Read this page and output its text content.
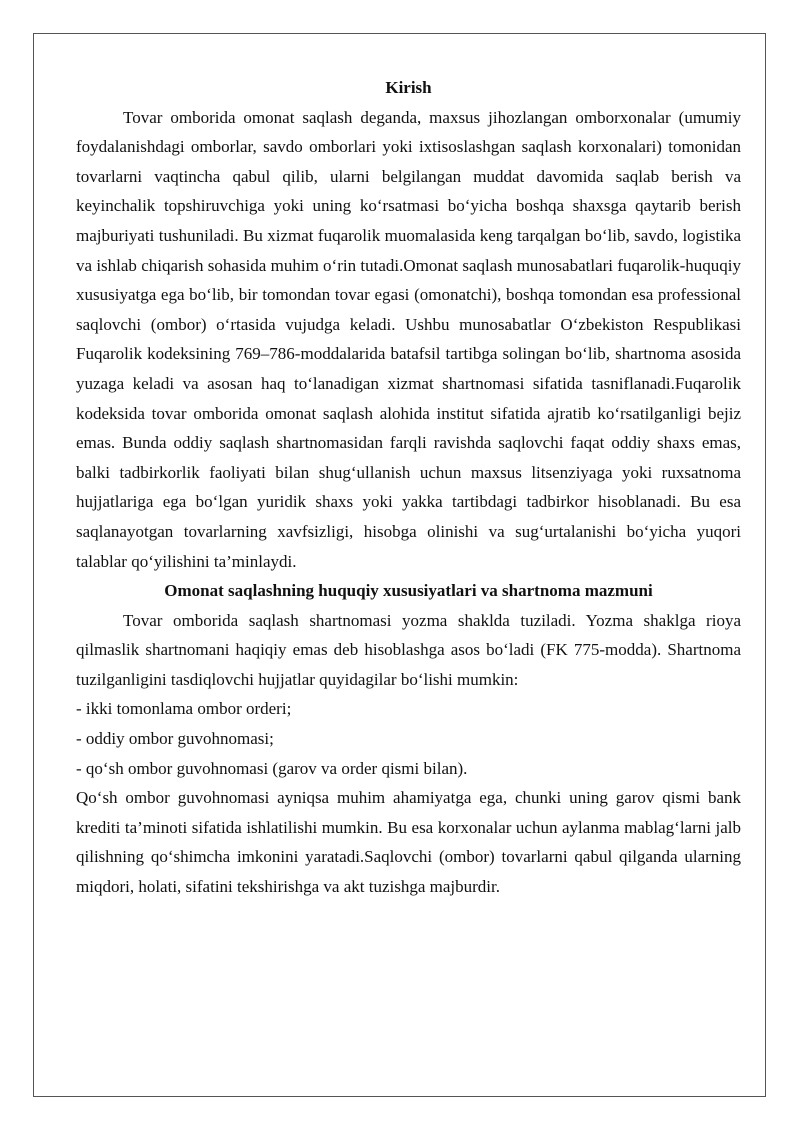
Kirish

Tovar omborida omonat saqlash deganda, maxsus jihozlangan omborxonalar (umumiy foydalanishdagi omborlar, savdo omborlari yoki ixtisoslashgan saqlash korxonalari) tomonidan tovarlarni vaqtincha qabul qilib, ularni belgilangan muddat davomida saqlab berish va keyinchalik topshiruvchiga yoki uning ko‘rsatmasi bo‘yicha boshqa shaxsga qaytarib berish majburiyati tushuniladi. Bu xizmat fuqarolik muomalasida keng tarqalgan bo‘lib, savdo, logistika va ishlab chiqarish sohasida muhim o‘rin tutadi.Omonat saqlash munosabatlari fuqarolik-huquqiy xususiyatga ega bo‘lib, bir tomondan tovar egasi (omonatchi), boshqa tomondan esa professional saqlovchi (ombor) o‘rtasida vujudga keladi. Ushbu munosabatlar O‘zbekiston Respublikasi Fuqarolik kodeksining 769–786-moddalarida batafsil tartibga solingan bo‘lib, shartnoma asosida yuzaga keladi va asosan haq to‘lanadigan xizmat shartnomasi sifatida tasniflanadi.Fuqarolik kodeksida tovar omborida omonat saqlash alohida institut sifatida ajratib ko‘rsatilganligi bejiz emas. Bunda oddiy saqlash shartnomasidan farqli ravishda saqlovchi faqat oddiy shaxs emas, balki tadbirkorlik faoliyati bilan shug‘ullanish uchun maxsus litsenziyaga yoki ruxsatnoma hujjatlariga ega bo‘lgan yuridik shaxs yoki yakka tartibdagi tadbirkor hisoblanadi. Bu esa saqlanayotgan tovarlarning xavfsizligi, hisobga olinishi va sug‘urtalanishi bo‘yicha yuqori talablar qo‘yilishini ta’minlaydi.

Omonat saqlashning huquqiy xususiyatlari va shartnoma mazmuni

Tovar omborida saqlash shartnomasi yozma shaklda tuziladi. Yozma shaklga rioya qilmaslik shartnomani haqiqiy emas deb hisoblashga asos bo‘ladi (FK 775-modda). Shartnoma tuzilganligini tasdiqlovchi hujjatlar quyidagilar bo‘lishi mumkin:

- ikki tomonlama ombor orderi;

- oddiy ombor guvohnomasi;

- qo‘sh ombor guvohnomasi (garov va order qismi bilan).

Qo‘sh ombor guvohnomasi ayniqsa muhim ahamiyatga ega, chunki uning garov qismi bank krediti ta’minoti sifatida ishlatilishi mumkin. Bu esa korxonalar uchun aylanma mablag‘larni jalb qilishning qo‘shimcha imkonini yaratadi.Saqlovchi (ombor) tovarlarni qabul qilganda ularning miqdori, holati, sifatini tekshirishga va akt tuzishga majburdir.
